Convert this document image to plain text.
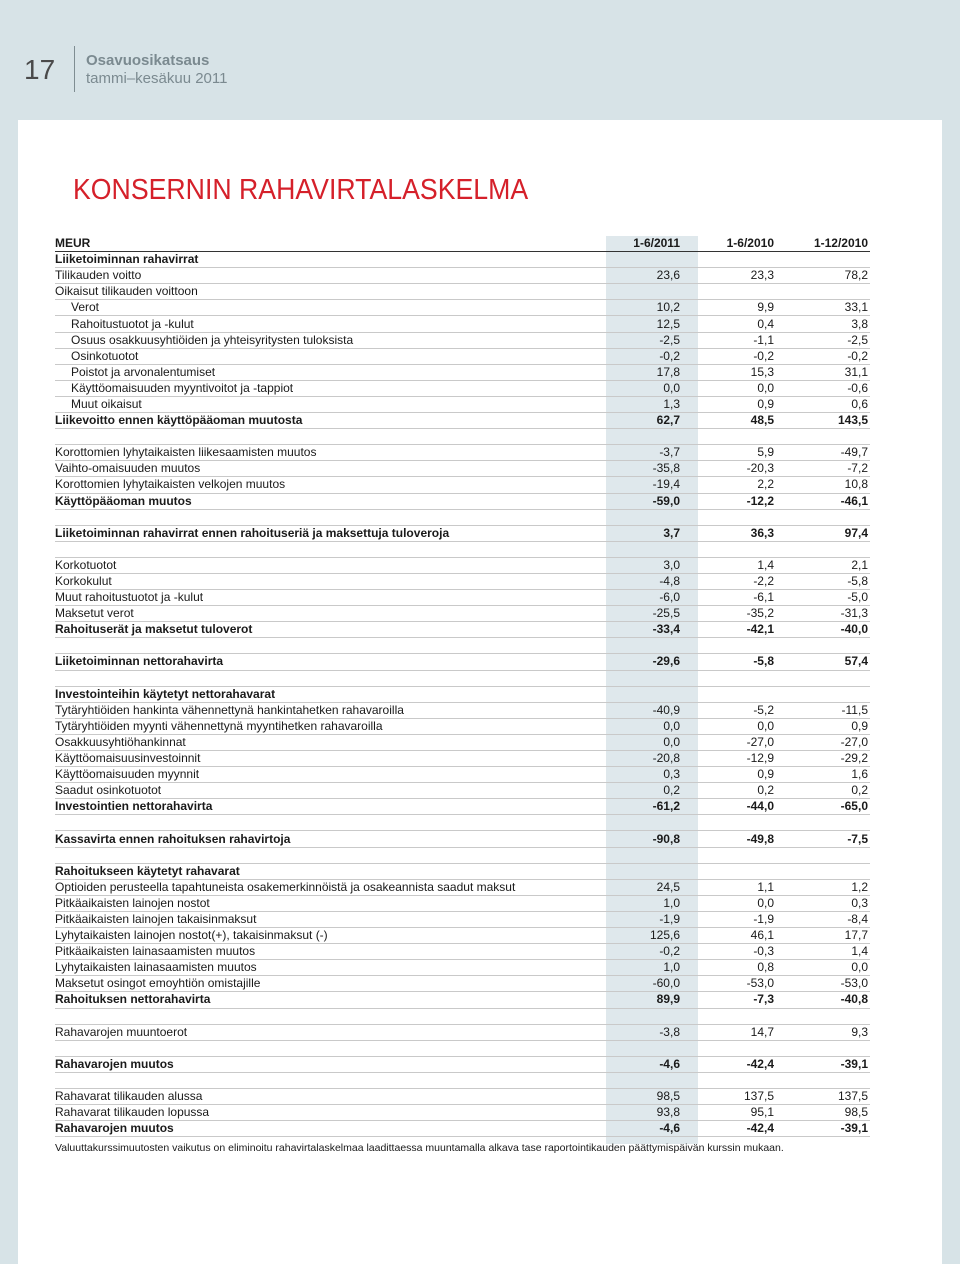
17 Osavuosikatsaus
tammi–kesäkuu 2011
KONSERNIN RAHAVIRTALASKELMA
MEUR	1-6/2011	1-6/2010	1-12/2010
Liiketoiminnan rahavirrat			
Tilikauden voitto	23,6	23,3	78,2
Oikaisut tilikauden voittoon			
Verot	10,2	9,9	33,1
Rahoitustuotot ja -kulut	12,5	0,4	3,8
Osuus osakkuusyhtiöiden ja yhteisyritysten tuloksista	-2,5	-1,1	-2,5
Osinkotuotot	-0,2	-0,2	-0,2
Poistot ja arvonalentumiset	17,8	15,3	31,1
Käyttöomaisuuden myyntivoitot ja -tappiot	0,0	0,0	-0,6
Muut oikaisut	1,3	0,9	0,6
Liikevoitto ennen käyttöpääoman muutosta	62,7	48,5	143,5

Korottomien lyhytaikaisten liikesaamisten muutos	-3,7	5,9	-49,7
Vaihto-omaisuuden muutos	-35,8	-20,3	-7,2
Korottomien lyhytaikaisten velkojen muutos	-19,4	2,2	10,8
Käyttöpääoman muutos	-59,0	-12,2	-46,1

Liiketoiminnan rahavirrat ennen rahoituseriä ja maksettuja tuloveroja	3,7	36,3	97,4

Korkotuotot	3,0	1,4	2,1
Korkokulut	-4,8	-2,2	-5,8
Muut rahoitustuotot ja -kulut	-6,0	-6,1	-5,0
Maksetut verot	-25,5	-35,2	-31,3
Rahoituserät ja maksetut tuloverot	-33,4	-42,1	-40,0

Liiketoiminnan nettorahavirta	-29,6	-5,8	57,4

Investointeihin käytetyt nettorahavarat			
Tytäryhtiöiden hankinta vähennettynä hankintahetken rahavaroilla	-40,9	-5,2	-11,5
Tytäryhtiöiden myynti vähennettynä myyntihetken rahavaroilla	0,0	0,0	0,9
Osakkuusyhtiöhankinnat	0,0	-27,0	-27,0
Käyttöomaisuusinvestoinnit	-20,8	-12,9	-29,2
Käyttöomaisuuden myynnit	0,3	0,9	1,6
Saadut osinkotuotot	0,2	0,2	0,2
Investointien nettorahavirta	-61,2	-44,0	-65,0

Kassavirta ennen rahoituksen rahavirtoja	-90,8	-49,8	-7,5

Rahoitukseen käytetyt rahavarat			
Optioiden perusteella tapahtuneista osakemerkinnöistä ja osakeannista saadut maksut	24,5	1,1	1,2
Pitkäaikaisten lainojen nostot	1,0	0,0	0,3
Pitkäaikaisten lainojen takaisinmaksut	-1,9	-1,9	-8,4
Lyhytaikaisten lainojen nostot(+), takaisinmaksut (-)	125,6	46,1	17,7
Pitkäaikaisten lainasaamisten muutos	-0,2	-0,3	1,4
Lyhytaikaisten lainasaamisten muutos	1,0	0,8	0,0
Maksetut osingot emoyhtiön omistajille	-60,0	-53,0	-53,0
Rahoituksen nettorahavirta	89,9	-7,3	-40,8

Rahavarojen muuntoerot	-3,8	14,7	9,3

Rahavarojen muutos	-4,6	-42,4	-39,1

Rahavarat tilikauden alussa	98,5	137,5	137,5
Rahavarat tilikauden lopussa	93,8	95,1	98,5
Rahavarojen muutos	-4,6	-42,4	-39,1
Valuuttakurssimuutosten vaikutus on eliminoitu rahavirtalaskelmaa laadittaessa muuntamalla alkava tase raportointikauden päättymispäivän kurssin mukaan.
